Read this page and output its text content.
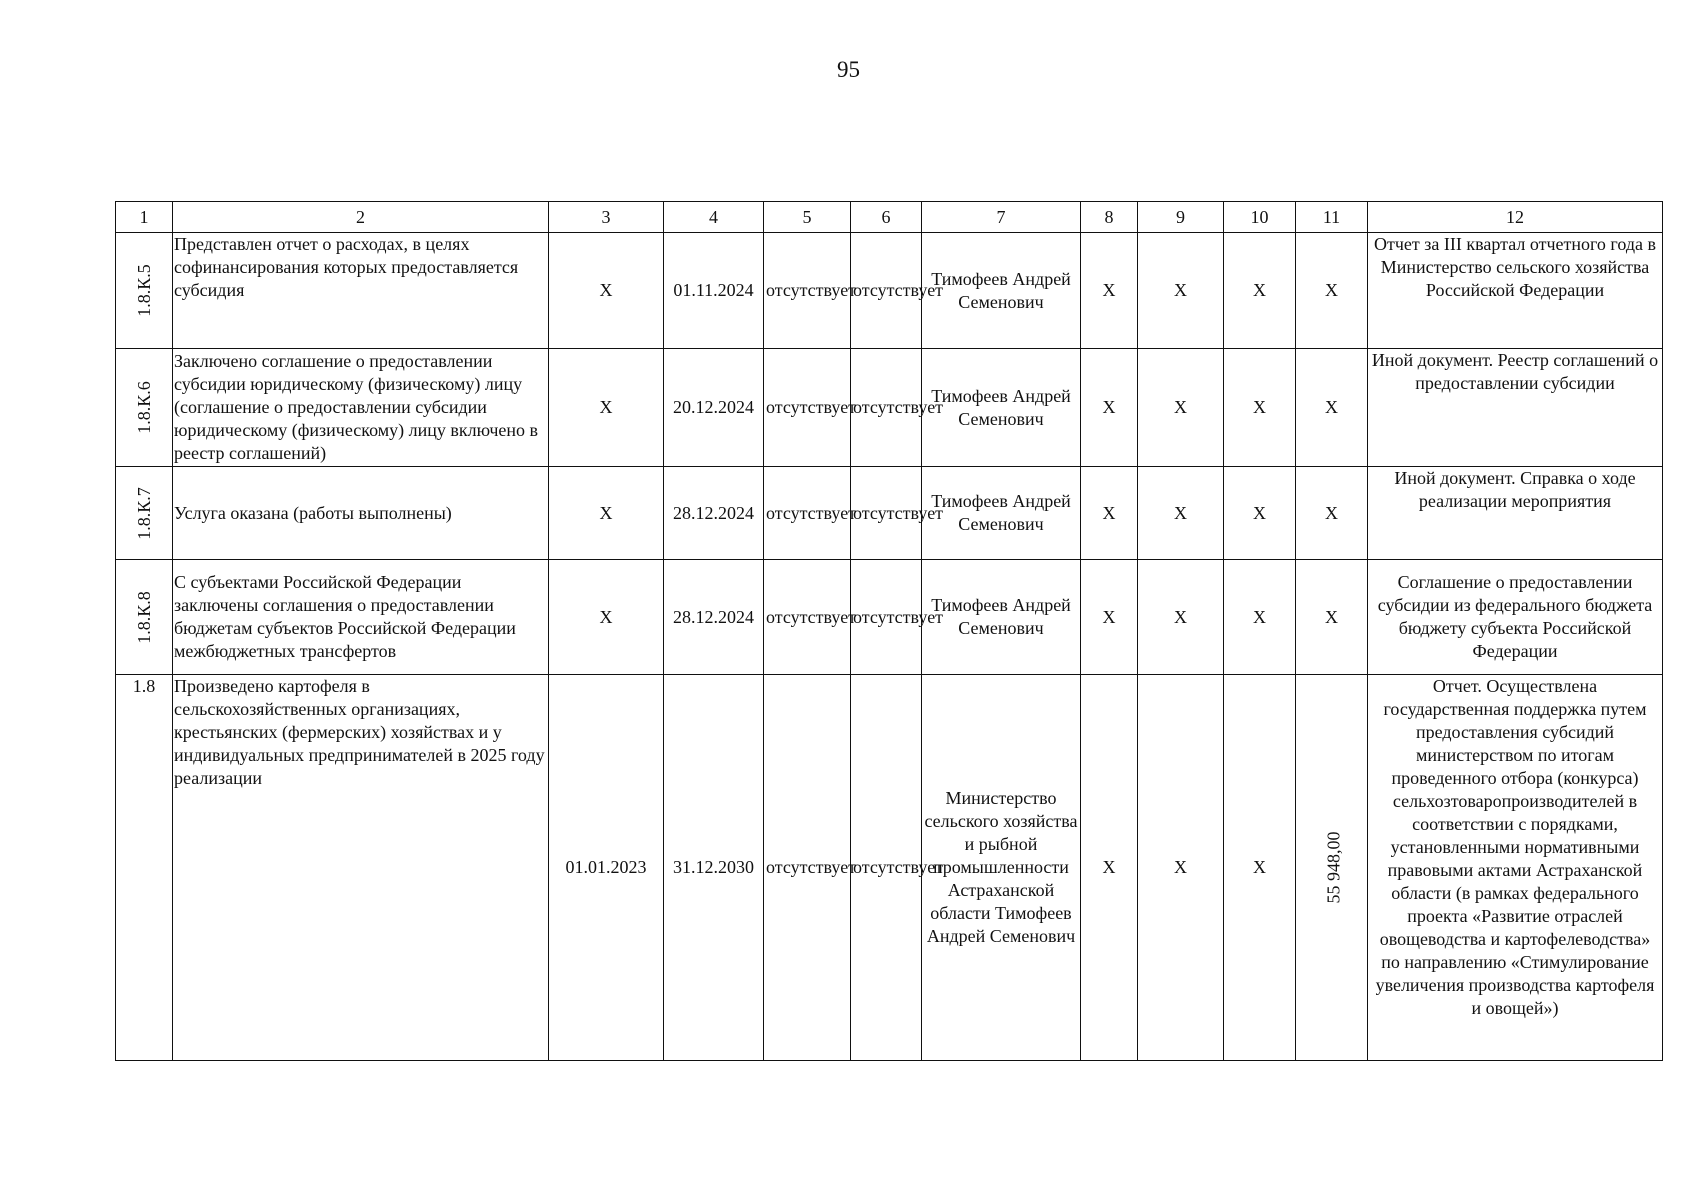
95
1	2	3	4	5	6	7	8	9	10	11	12
1.8.К.5	Представлен отчет о расходах, в целях софинансирования которых предоставляется субсидия	X	01.11.2024	отсутствует	отсутствует	Тимофеев Андрей Семенович	X	X	X	X	Отчет за III квартал отчетного года в Министерство сельского хозяйства Российской Федерации
1.8.К.6	Заключено соглашение о предоставлении субсидии юридическому (физическому) лицу (соглашение о предоставлении субсидии юридическому (физическому) лицу включено в реестр соглашений)	X	20.12.2024	отсутствует	отсутствует	Тимофеев Андрей Семенович	X	X	X	X	Иной документ. Реестр соглашений о предоставлении субсидии
1.8.К.7	Услуга оказана (работы выполнены)	X	28.12.2024	отсутствует	отсутствует	Тимофеев Андрей Семенович	X	X	X	X	Иной документ. Справка о ходе реализации мероприятия
1.8.К.8	С субъектами Российской Федерации заключены соглашения о предоставлении бюджетам субъектов Российской Федерации межбюджетных трансфертов	X	28.12.2024	отсутствует	отсутствует	Тимофеев Андрей Семенович	X	X	X	X	Соглашение о предоставлении субсидии из федерального бюджета бюджету субъекта Российской Федерации
1.8	Произведено картофеля в сельскохозяйственных организациях, крестьянских (фермерских) хозяйствах и у индивидуальных предпринимателей в 2025 году реализации	01.01.2023	31.12.2030	отсутствует	отсутствует	Министерство сельского хозяйства и рыбной промышленности Астраханской области Тимофеев Андрей Семенович	X	X	X	55 948,00	Отчет. Осуществлена государственная поддержка путем предоставления субсидий министерством по итогам проведенного отбора (конкурса) сельхозтоваропроизводителей в соответствии с порядками, установленными нормативными правовыми актами Астраханской области (в рамках федерального проекта «Развитие отраслей овощеводства и картофелеводства» по направлению «Стимулирование увеличения производства картофеля и овощей»)
